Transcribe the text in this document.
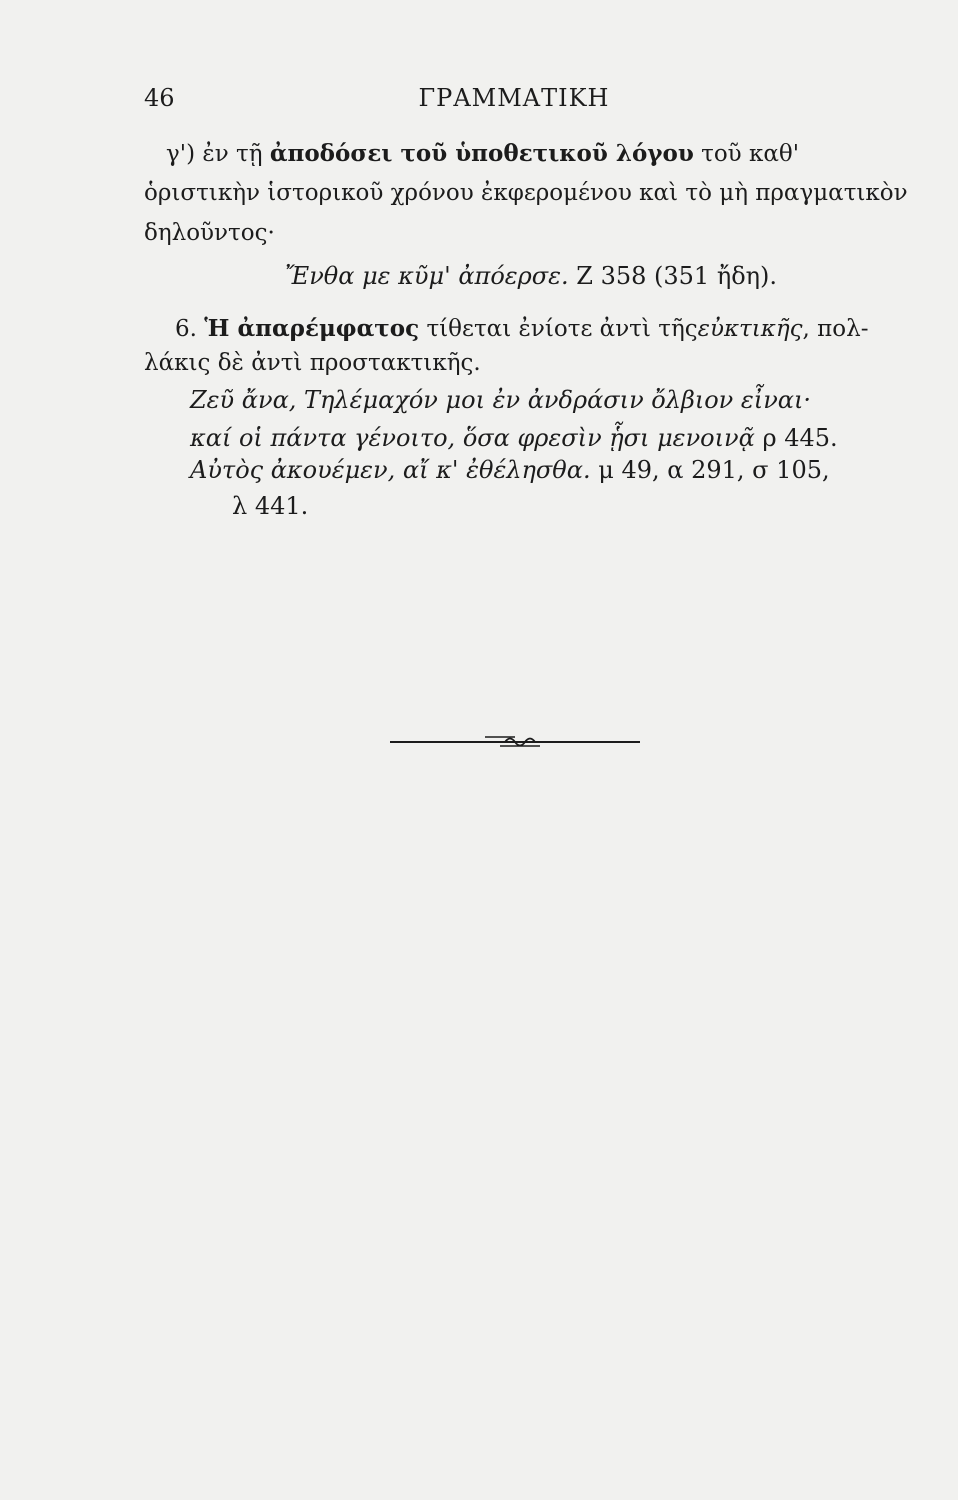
46	ΓΡΑΜΜΑΤΙΚΗ
γ') ἐν τῇ ἀποδόσει τοῦ ὑποθετικοῦ λόγου τοῦ καθ'
ὁριστικὴν ἱστορικοῦ χρόνου ἐκφερομένου καὶ τὸ μὴ πραγματικὸν
δηλοῦντος·
Ἔνθα με κῦμ' ἀπόερσε. Ζ 358 (351 ἤδη).
6. Ἡ ἀπαρέμφατος τίθεται ἐνίοτε ἀντὶ τῆςεὐκτικῆς, πολ-
λάκις δὲ ἀντὶ προστακτικῆς.
Ζεῦ ἄνα, Τηλέμαχόν μοι ἐν ἀνδράσιν ὄλβιον εἶναι·
καί οἱ πάντα γένοιτο, ὅσα φρεσὶν ᾗσι μενοινᾷ ρ 445.
Αὐτὸς ἀκουέμεν, αἴ κ' ἐθέλησθα. μ 49, α 291, σ 105,
λ 441.
